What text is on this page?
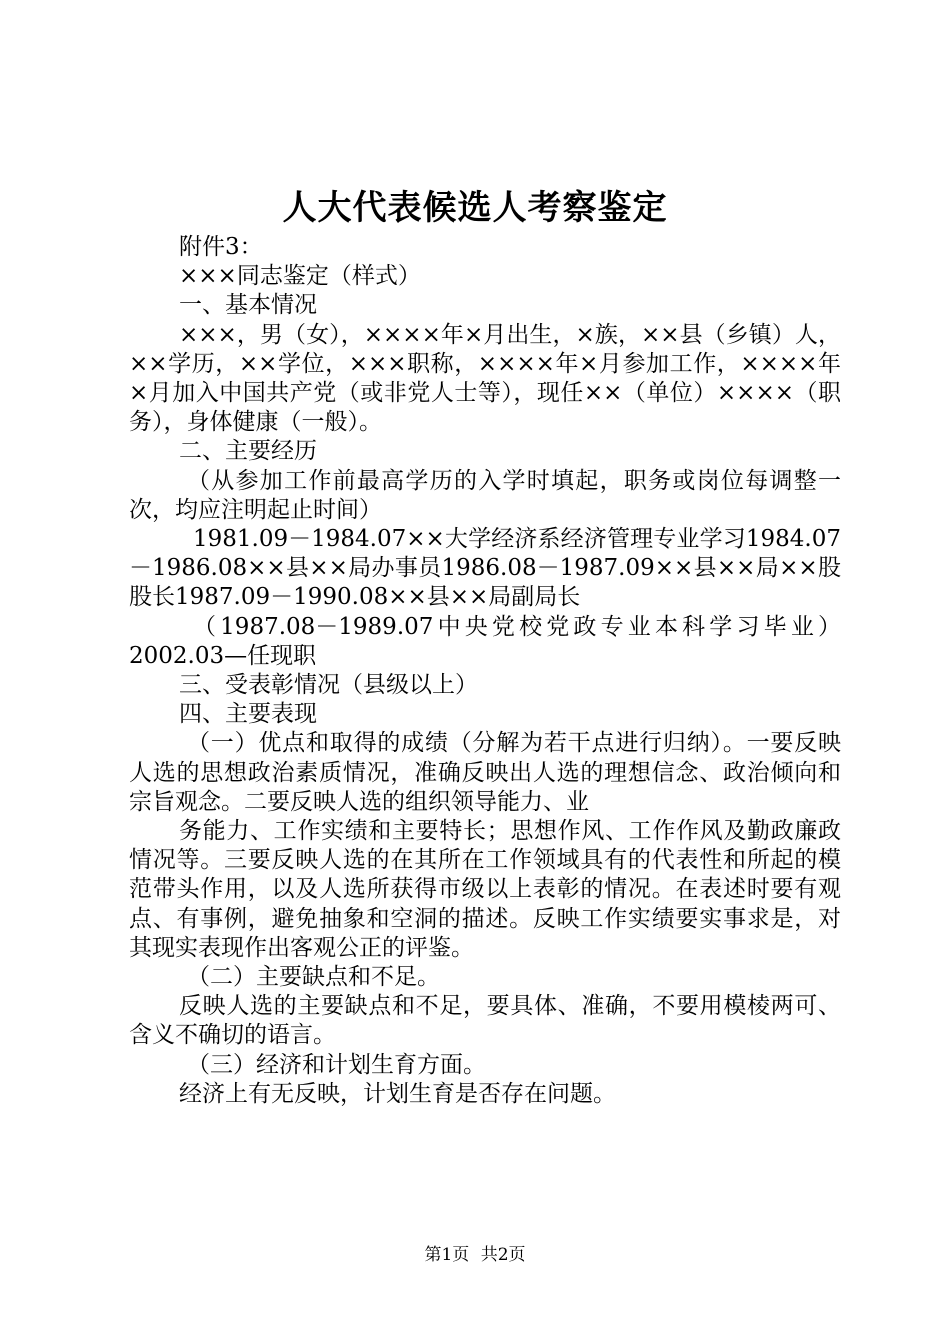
人大代表候选人考察鉴定

附件3：

×××同志鉴定（样式）

一、基本情况

×××，男（女），××××年×月出生，×族，××县（乡镇）人，××学历，××学位，×××职称，××××年×月参加工作，××××年×月加入中国共产党（或非党人士等），现任××（单位）××××（职务），身体健康（一般）。

二、主要经历

（从参加工作前最高学历的入学时填起，职务或岗位每调整一次，均应注明起止时间）

1981.09－1984.07××大学经济系经济管理专业学习1984.07－1986.08××县××局办事员1986.08－1987.09××县××局××股股长1987.09－1990.08××县××局副局长

（1987.08－1989.07中央党校党政专业本科学习毕业）2002.03—任现职

三、受表彰情况（县级以上）

四、主要表现

（一）优点和取得的成绩（分解为若干点进行归纳）。一要反映人选的思想政治素质情况，准确反映出人选的理想信念、政治倾向和宗旨观念。二要反映人选的组织领导能力、业

务能力、工作实绩和主要特长；思想作风、工作作风及勤政廉政情况等。三要反映人选的在其所在工作领域具有的代表性和所起的模范带头作用，以及人选所获得市级以上表彰的情况。在表述时要有观点、有事例，避免抽象和空洞的描述。反映工作实绩要实事求是，对其现实表现作出客观公正的评鉴。

（二）主要缺点和不足。

反映人选的主要缺点和不足，要具体、准确，不要用模棱两可、含义不确切的语言。

（三）经济和计划生育方面。

经济上有无反映，计划生育是否存在问题。

第1页 共2页
